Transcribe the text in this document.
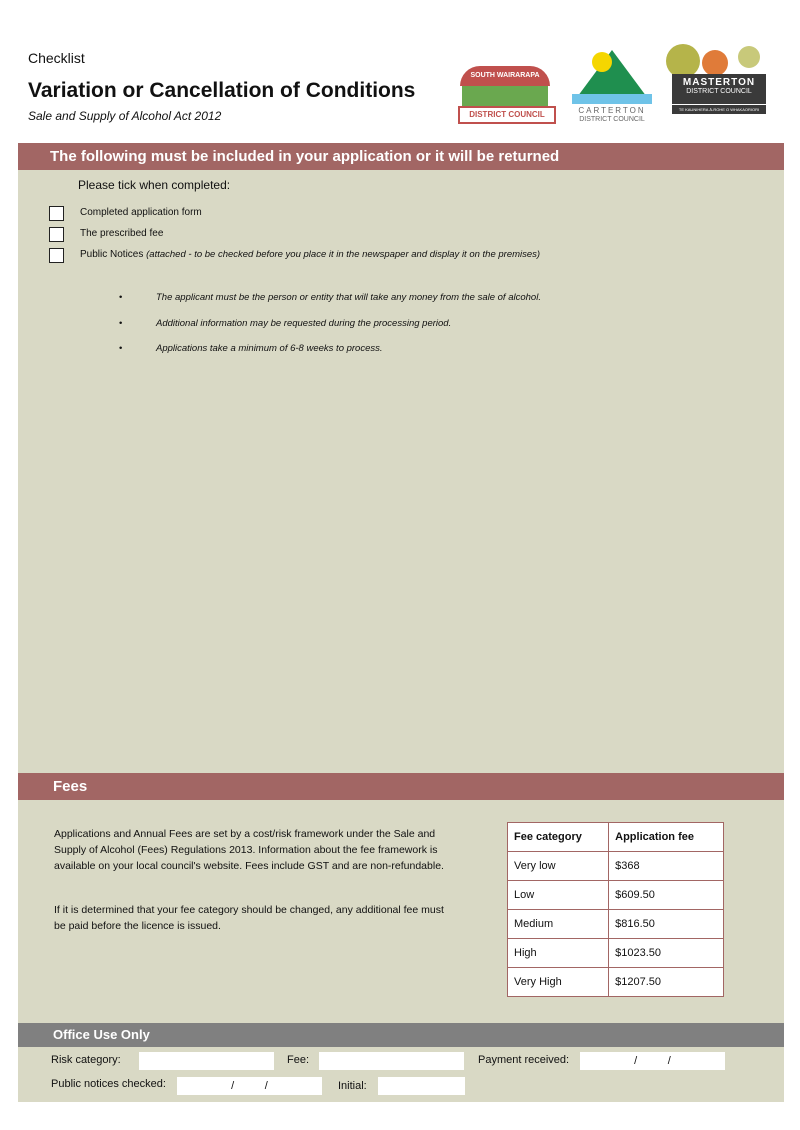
Checklist
Variation or Cancellation of Conditions
Sale and Supply of Alcohol Act 2012
SOUTH WAIRARAPA
DISTRICT COUNCIL	CARTERTON
DISTRICT COUNCIL
MASTERTON
DISTRICT COUNCIL
TE KAUNIHERA Ā-ROHE O WHAKAORIORI
The following must be included in your application or it will be returned
Please tick when completed:
Completed application form
The prescribed fee
Public Notices (attached - to be checked before you place it in the newspaper and display it on the premises)
• The applicant must be the person or entity that will take any money from the sale of alcohol.
• Additional information may be requested during the processing period.
• Applications take a minimum of 6-8 weeks to process.
Fees
Applications and Annual Fees are set by a cost/risk framework under the Sale and Supply of Alcohol (Fees) Regulations 2013. Information about the fee framework is available on your local council's website. Fees include GST and are non-refundable.
If it is determined that your fee category should be changed, any additional fee must be paid before the licence is issued.
Fee category	Application fee
Very low	$368
Low	$609.50
Medium	$816.50
High	$1023.50
Very High	$1207.50
Office Use Only
Risk category:	Fee:	Payment received:	/          /
Public notices checked:	/          /	Initial:
